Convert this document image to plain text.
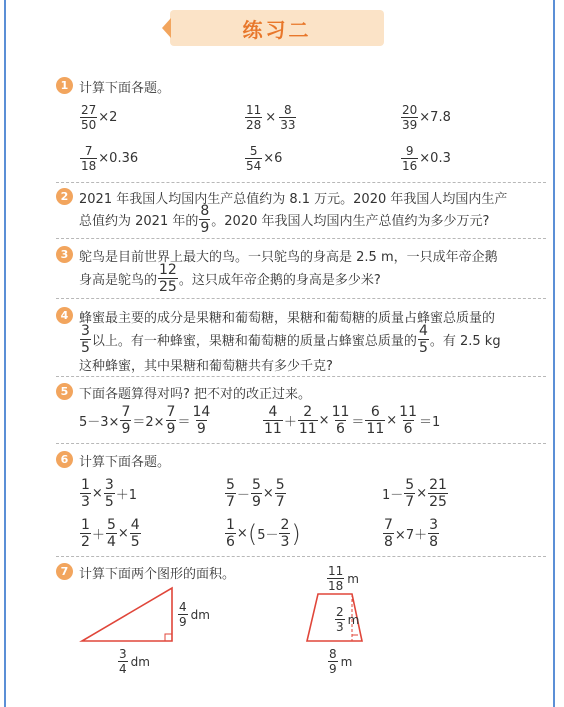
练习二
1 计算下面各题。
$\frac{27}{50} \times 2$	$\frac{11}{28} \times \frac{8}{33}$	$\frac{20}{39} \times 7.8$
$\frac{7}{18} \times 0.36$	$\frac{5}{54} \times 6$	$\frac{9}{16} \times 0.3$
2 2021 年我国人均国内生产总值约为 8.1 万元。2020 年我国人均国内生产
总值约为 2021 年的 $\frac{8}{9}$ 。2020 年我国人均国内生产总值约为多少万元?
3 鸵鸟是目前世界上最大的鸟。一只鸵鸟的身高是 2.5 m，一只成年帝企鹅
身高是鸵鸟的 $\frac{12}{25}$ 。这只成年帝企鹅的身高是多少米?
4 蜂蜜最主要的成分是果糖和葡萄糖，果糖和葡萄糖的质量占蜂蜜总质量的
$\frac{3}{5}$ 以上。有一种蜂蜜，果糖和葡萄糖的质量占蜂蜜总质量的 $\frac{4}{5}$ 。有 2.5 kg
这种蜂蜜，其中果糖和葡萄糖共有多少千克?
5 下面各题算得对吗? 把不对的改正过来。
$5-3\times \frac{7}{9} =2\times \frac{7}{9} = \frac{14}{9}$	$\frac{4}{11} + \frac{2}{11} \times \frac{11}{6} = \frac{6}{11} \times \frac{11}{6} =1$
6 计算下面各题。
$\frac{1}{3} \times \frac{3}{5} +1$	$\frac{5}{7} - \frac{5}{9} \times \frac{5}{7}$	$1- \frac{5}{7} \times \frac{21}{25}$
$\frac{1}{2} + \frac{5}{4} \times \frac{4}{5}$	$\frac{1}{6}$ × ( $5- \frac{2}{3}$ )	$\frac{7}{8} \times 7+ \frac{3}{8}$
7 计算下面两个图形的面积。
$\frac{4}{9}$ dm
$\frac{3}{4}$ dm
$\frac{11}{18}$ m
$\frac{2}{3}$ m
$\frac{8}{9}$ m
